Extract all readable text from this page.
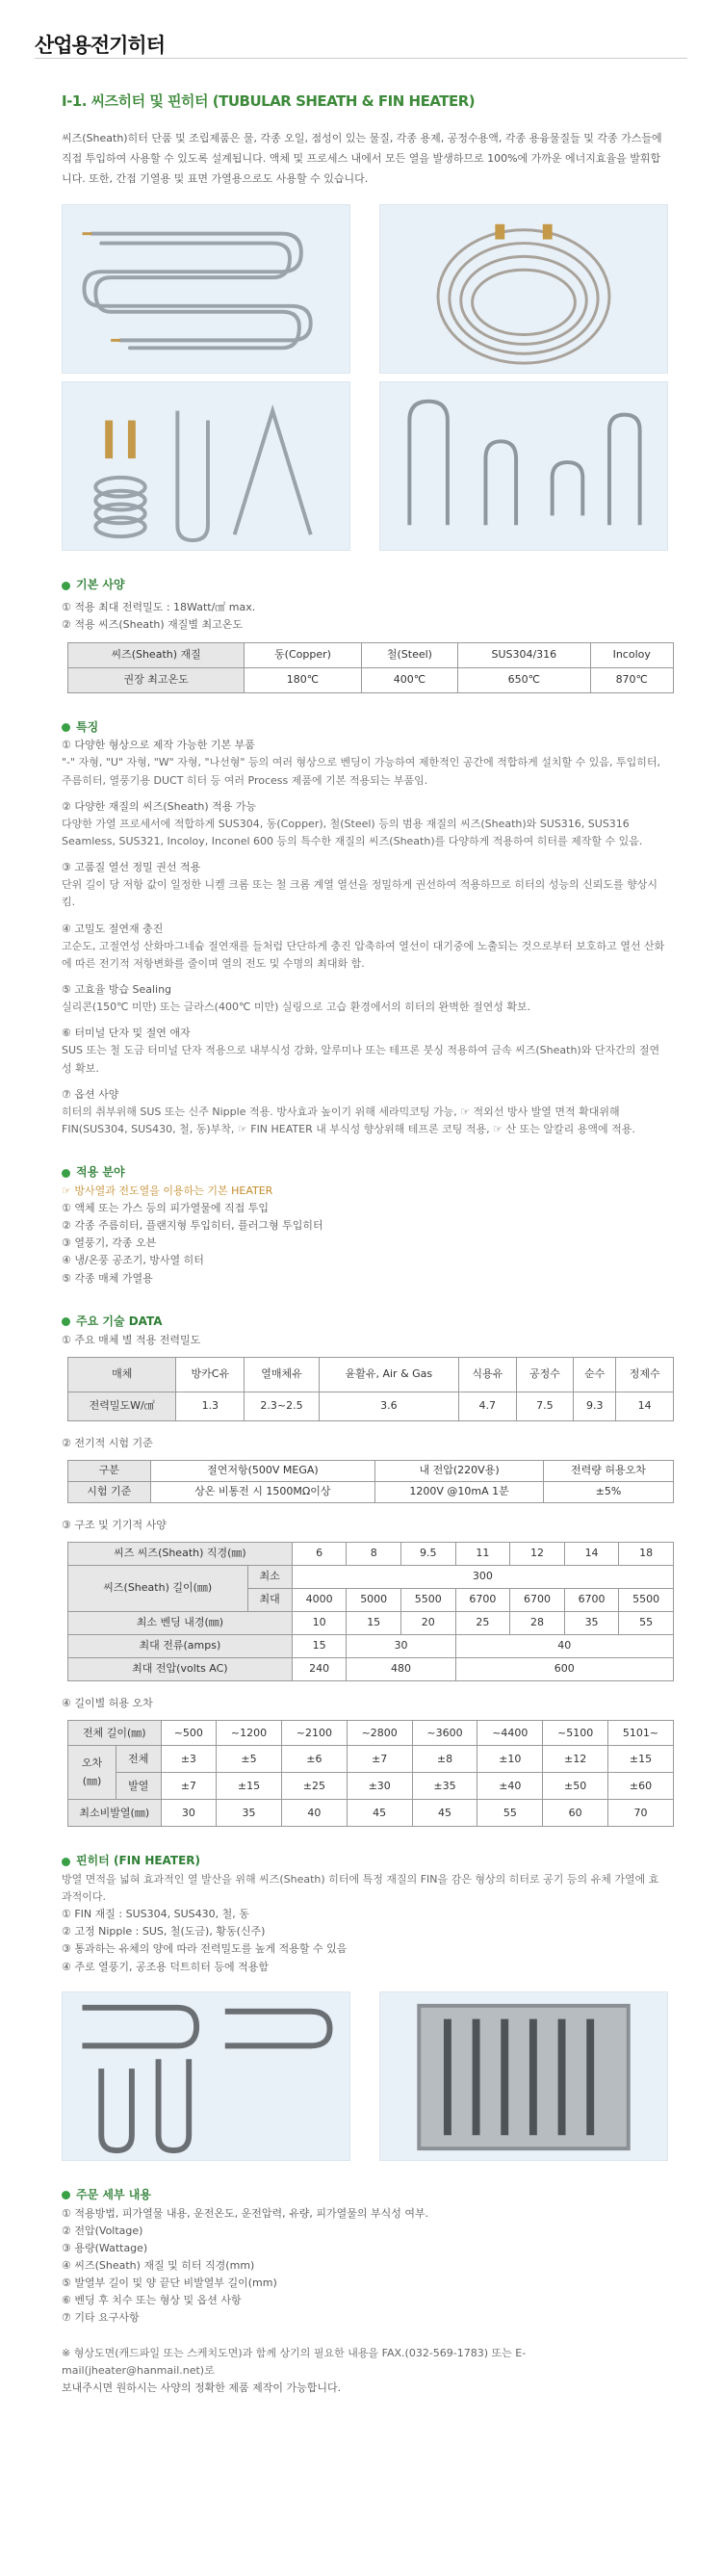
산업용전기히터
Ⅰ-1. 씨즈히터 및 핀히터 (TUBULAR SHEATH & FIN HEATER)
씨즈(Sheath)히터 단품 및 조립제품은 물, 각종 오일, 점성이 있는 물질, 각종 용제, 공정수용액, 각종 용융물질들 및 각종 가스들에 직접 투입하여 사용할 수 있도록 설계됩니다. 액체 및 프로세스 내에서 모든 열을 발생하므로 100%에 가까운 에너지효율을 발휘합니다. 또한, 간접 기열용 및 표면 가열용으로도 사용할 수 있습니다.
기본 사양
① 적용 최대 전력밀도 : 18Watt/㎠ max.
② 적용 씨즈(Sheath) 재질별 최고온도
씨즈(Sheath) 재질	동(Copper)	철(Steel)	SUS304/316	Incoloy
권장 최고온도	180℃	400℃	650℃	870℃
특징
① 다양한 형상으로 제작 가능한 기본 부품
"-" 자형, "U" 자형, "W" 자형, "나선형" 등의 여러 형상으로 벤딩이 가능하여 제한적인 공간에 적합하게 설치할 수 있음, 투입히터, 주름히터, 열풍기용 DUCT 히터 등 여러 Process 제품에 기본 적용되는 부품임.
② 다양한 재질의 씨즈(Sheath) 적용 가능
다양한 가열 프로세서에 적합하게 SUS304, 동(Copper), 철(Steel) 등의 범용 재질의 씨즈(Sheath)와 SUS316, SUS316 Seamless, SUS321, Incoloy, Inconel 600 등의 특수한 재질의 씨즈(Sheath)를 다양하게 적용하여 히터를 제작할 수 있음.
③ 고품질 열선 정밀 권선 적용
단위 길이 당 저항 값이 일정한 니켈 크롬 또는 철 크롬 계열 열선을 정밀하게 권선하여 적용하므로 히터의 성능의 신뢰도를 향상시킴.
④ 고밀도 절연재 충진
고순도, 고절연성 산화마그네슘 절연재를 들처럼 단단하게 충진 압축하여 열선이 대기중에 노출되는 것으로부터 보호하고 열선 산화에 따른 전기적 저항변화를 줄이며 열의 전도 및 수명의 최대화 함.
⑤ 고효율 방습 Sealing
실리콘(150℃ 미만) 또는 글라스(400℃ 미만) 실링으로 고습 환경에서의 히터의 완벽한 절연성 확보.
⑥ 터미널 단자 및 절연 애자
SUS 또는 철 도금 터미널 단자 적용으로 내부식성 강화, 알루미나 또는 테프론 붓싱 적용하여 금속 씨즈(Sheath)와 단자간의 절연성 확보.
⑦ 옵션 사양
히터의 취부위해 SUS 또는 신주 Nipple 적용. 방사효과 높이기 위해 세라믹코팅 가능, ☞ 적외선 방사 발열 면적 확대위해 FIN(SUS304, SUS430, 철, 동)부착, ☞ FIN HEATER 내 부식성 향상위해 테프론 코팅 적용, ☞ 산 또는 알칼리 용액에 적용.
적용 분야
☞ 방사열과 전도열을 이용하는 기본 HEATER
① 액체 또는 가스 등의 피가열물에 직접 투입
② 각종 주름히터, 플랜지형 투입히터, 플러그형 투입히터
③ 열풍기, 각종 오븐
④ 냉/온풍 공조기, 방사열 히터
⑤ 각종 매체 가열용
주요 기술 DATA
① 주요 매체 별 적용 전력밀도
매체	방카C유	열매체유	윤활유, Air & Gas	식용유	공정수	순수	정제수
전력밀도W/㎠	1.3	2.3~2.5	3.6	4.7	7.5	9.3	14
② 전기적 시험 기준
구분	절연저항(500V MEGA)	내 전압(220V용)	전력량 허용오차
시험 기준	상온 비통전 시 1500MΩ이상	1200V @10mA 1분	±5%
③ 구조 및 기기적 사양
씨즈 씨즈(Sheath) 직경(㎜)		6	8	9.5	11	12	14	18
씨즈(Sheath) 길이(㎜)	최소	300						
	최대	4000	5000	5500	6700	6700	6700	5500
최소 벤딩 내경(㎜)		10	15	20	25	28	35	55
최대 전류(amps)		15	30		40			
최대 전압(volts AC)		240	480		600			
④ 길이별 허용 오차
전체 길이(㎜)		~500	~1200	~2100	~2800	~3600	~4400	~5100	5101~
오차 (㎜)	전체	±3	±5	±6	±7	±8	±10	±12	±15
	발열	±7	±15	±25	±30	±35	±40	±50	±60
최소비발열(㎜)		30	35	40	45	45	55	60	70
핀히터 (FIN HEATER)
방열 면적을 넓혀 효과적인 열 발산을 위해 씨즈(Sheath) 히터에 특정 재질의 FIN을 감은 형상의 히터로 공기 등의 유체 가열에 효과적이다.
① FIN 재질 : SUS304, SUS430, 철, 동
② 고정 Nipple : SUS, 철(도금), 황동(신주)
③ 통과하는 유체의 양에 따라 전력밀도를 높게 적용할 수 있음
④ 주로 열풍기, 공조용 덕트히터 등에 적용함
주문 세부 내용
① 적용방법, 피가열물 내용, 운전온도, 운전압력, 유량, 피가열물의 부식성 여부.
② 전압(Voltage)
③ 용량(Wattage)
④ 씨즈(Sheath) 재질 및 히터 직경(mm)
⑤ 발열부 길이 및 양 끝단 비발열부 길이(mm)
⑥ 벤딩 후 치수 또는 형상 및 옵션 사항
⑦ 기타 요구사항
※ 형상도면(캐드파일 또는 스케치도면)과 함께 상기의 필요한 내용을 FAX.(032-569-1783) 또는 E-mail(jheater@hanmail.net)로
보내주시면 원하시는 사양의 정확한 제품 제작이 가능합니다.
